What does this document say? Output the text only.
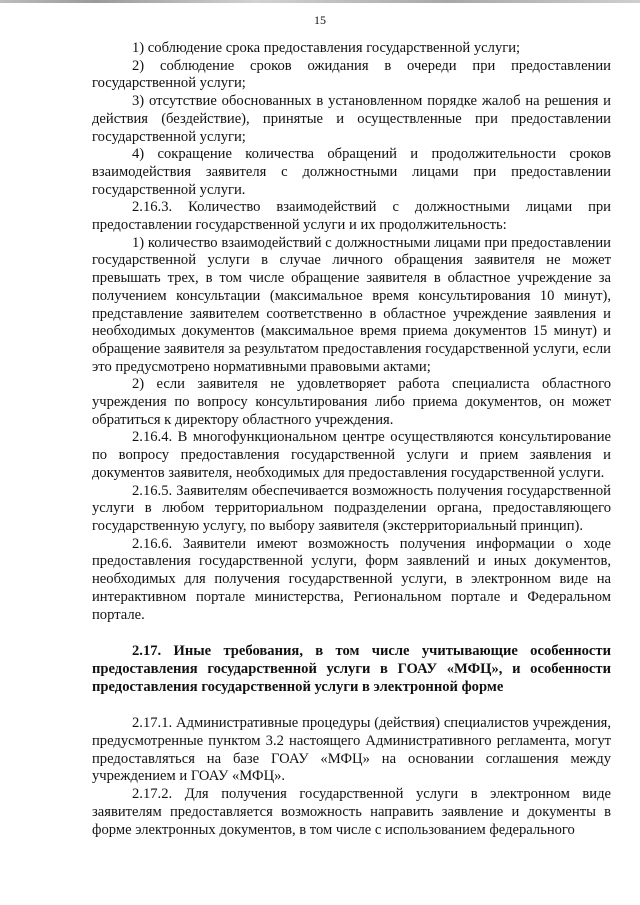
15

1) соблюдение срока предоставления государственной услуги;

2) соблюдение сроков ожидания в очереди при предоставлении государственной услуги;

3) отсутствие обоснованных в установленном порядке жалоб на решения и действия (бездействие), принятые и осуществленные при предоставлении государственной услуги;

4) сокращение количества обращений и продолжительности сроков взаимодействия заявителя с должностными лицами при предоставлении государственной услуги.

2.16.3. Количество взаимодействий с должностными лицами при предоставлении государственной услуги и их продолжительность:

1) количество взаимодействий с должностными лицами при предоставлении государственной услуги в случае личного обращения заявителя не может превышать трех, в том числе обращение заявителя в областное учреждение за получением консультации (максимальное время консультирования 10 минут), представление заявителем соответственно в областное учреждение заявления и необходимых документов (максимальное время приема документов 15 минут) и обращение заявителя за результатом предоставления государственной услуги, если это предусмотрено нормативными правовыми актами;

2) если заявителя не удовлетворяет работа специалиста областного учреждения по вопросу консультирования либо приема документов, он может обратиться к директору областного учреждения.

2.16.4. В многофункциональном центре осуществляются консультирование по вопросу предоставления государственной услуги и прием заявления и документов заявителя, необходимых для предоставления государственной услуги.

2.16.5. Заявителям обеспечивается возможность получения государственной услуги в любом территориальном подразделении органа, предоставляющего государственную услугу, по выбору заявителя (экстерриториальный принцип).

2.16.6. Заявители имеют возможность получения информации о ходе предоставления государственной услуги, форм заявлений и иных документов, необходимых для получения государственной услуги, в электронном виде на интерактивном портале министерства, Региональном портале и Федеральном портале.

2.17. Иные требования, в том числе учитывающие особенности предоставления государственной услуги в ГОАУ «МФЦ», и особенности предоставления государственной услуги в электронной форме

2.17.1. Административные процедуры (действия) специалистов учреждения, предусмотренные пунктом 3.2 настоящего Административного регламента, могут предоставляться на базе ГОАУ «МФЦ» на основании соглашения между учреждением и ГОАУ «МФЦ».

2.17.2. Для получения государственной услуги в электронном виде заявителям предоставляется возможность направить заявление и документы в форме электронных документов, в том числе с использованием федерального
